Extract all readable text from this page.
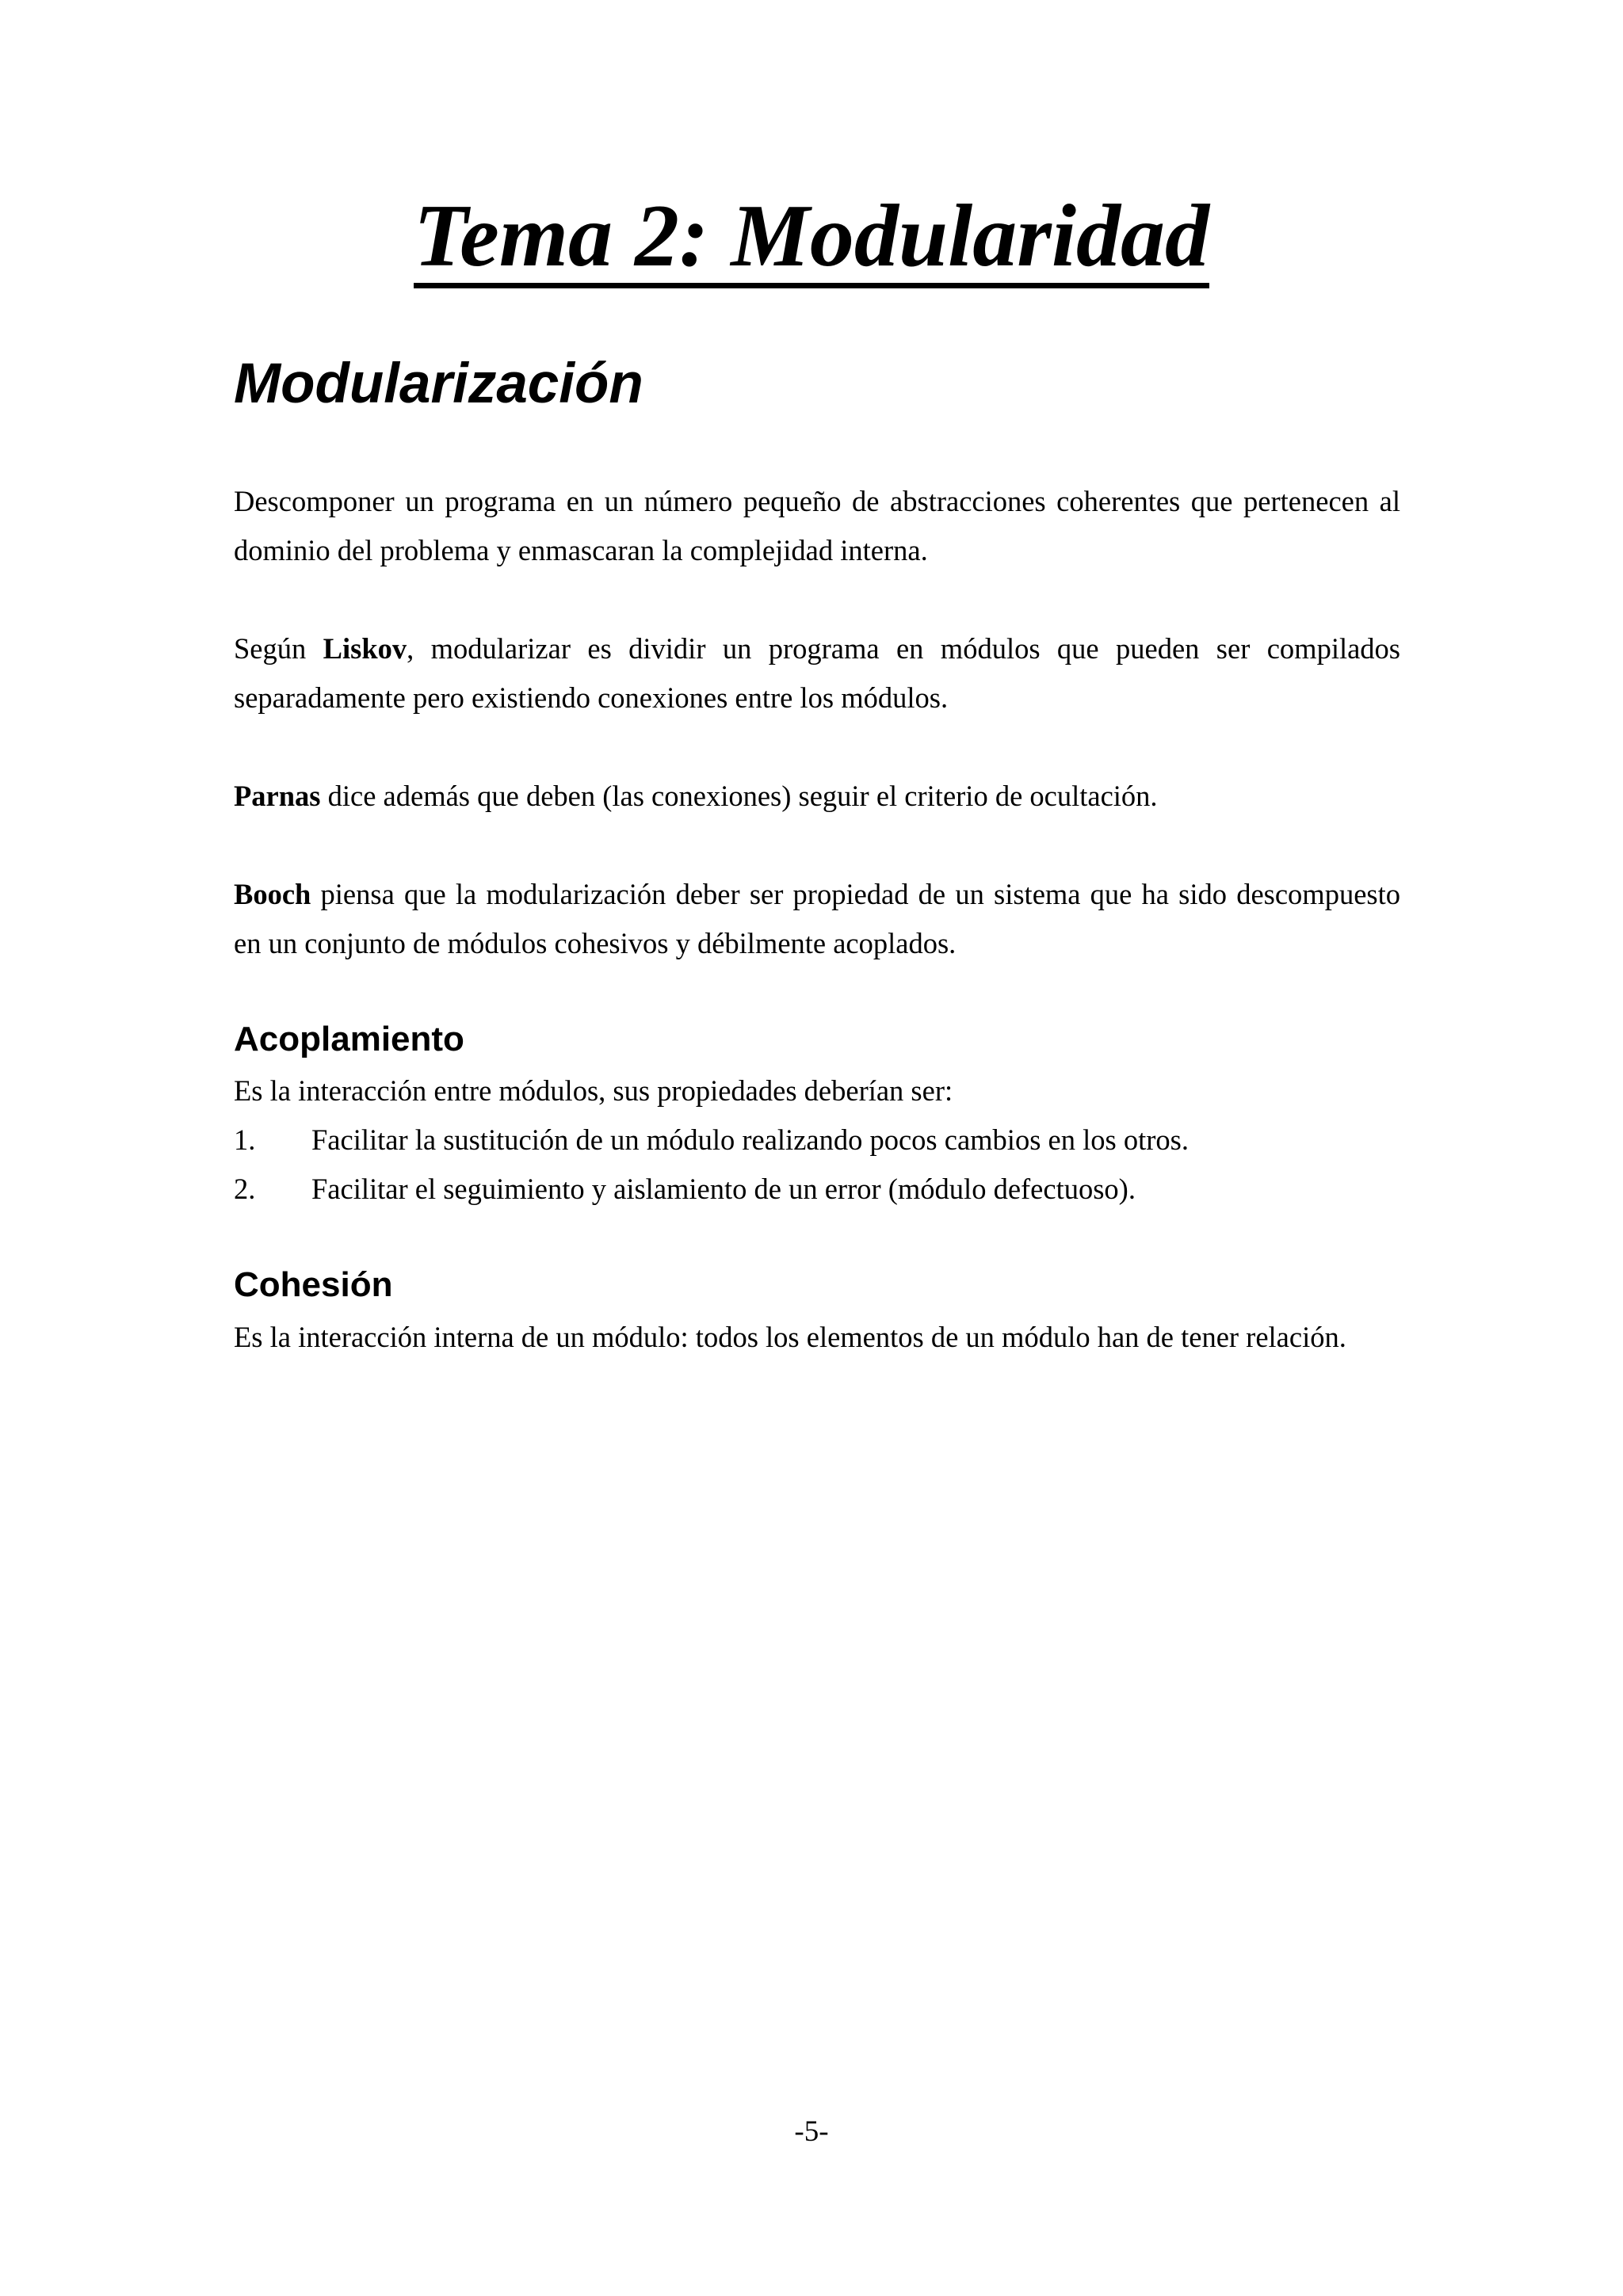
Tema 2: Modularidad
Modularización

Descomponer un programa en un número pequeño de abstracciones coherentes que pertenecen al dominio del problema y enmascaran la complejidad interna.

Según Liskov, modularizar es dividir un programa en módulos que pueden ser compilados separadamente pero existiendo conexiones entre los módulos.

Parnas dice además que deben (las conexiones) seguir el criterio de ocultación.

Booch piensa que la modularización deber ser propiedad de un sistema que ha sido descompuesto en un conjunto de módulos cohesivos y débilmente acoplados.

Acoplamiento

Es la interacción entre módulos, sus propiedades deberían ser:

1. Facilitar la sustitución de un módulo realizando pocos cambios en los otros.

2. Facilitar el seguimiento y aislamiento de un error (módulo defectuoso).

Cohesión

Es la interacción interna de un módulo: todos los elementos de un módulo han de tener relación.

-5-
